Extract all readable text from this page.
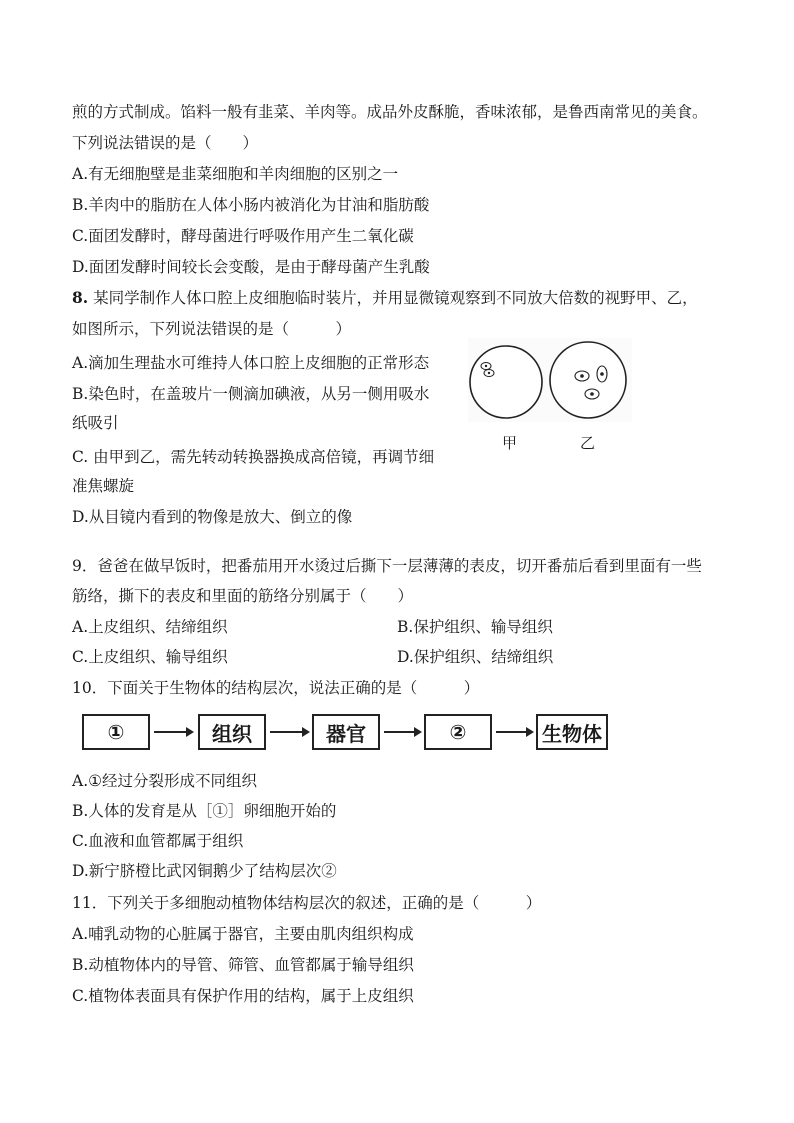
煎的方式制成。馅料一般有韭菜、羊肉等。成品外皮酥脆，香味浓郁，是鲁西南常见的美食。
下列说法错误的是（　　）
A.有无细胞壁是韭菜细胞和羊肉细胞的区别之一
B.羊肉中的脂肪在人体小肠内被消化为甘油和脂肪酸
C.面团发酵时，酵母菌进行呼吸作用产生二氧化碳
D.面团发酵时间较长会变酸，是由于酵母菌产生乳酸
8. 某同学制作人体口腔上皮细胞临时装片，并用显微镜观察到不同放大倍数的视野甲、乙，
如图所示，下列说法错误的是（　　　）
A.滴加生理盐水可维持人体口腔上皮细胞的正常形态
B.染色时，在盖玻片一侧滴加碘液，从另一侧用吸水
纸吸引
C. 由甲到乙，需先转动转换器换成高倍镜，再调节细
准焦螺旋
D.从目镜内看到的物像是放大、倒立的像
甲	乙
9．爸爸在做早饭时，把番茄用开水烫过后撕下一层薄薄的表皮，切开番茄后看到里面有一些
筋络，撕下的表皮和里面的筋络分别属于（　　）
A.上皮组织、结缔组织	B.保护组织、输导组织
C.上皮组织、输导组织	D.保护组织、结缔组织
10．下面关于生物体的结构层次，说法正确的是（　　　）
①	组织	器官	②	生物体
A.①经过分裂形成不同组织
B.人体的发育是从［①］卵细胞开始的
C.血液和血管都属于组织
D.新宁脐橙比武冈铜鹅少了结构层次②
11．下列关于多细胞动植物体结构层次的叙述，正确的是（　　　）
A.哺乳动物的心脏属于器官，主要由肌肉组织构成
B.动植物体内的导管、筛管、血管都属于输导组织
C.植物体表面具有保护作用的结构，属于上皮组织
